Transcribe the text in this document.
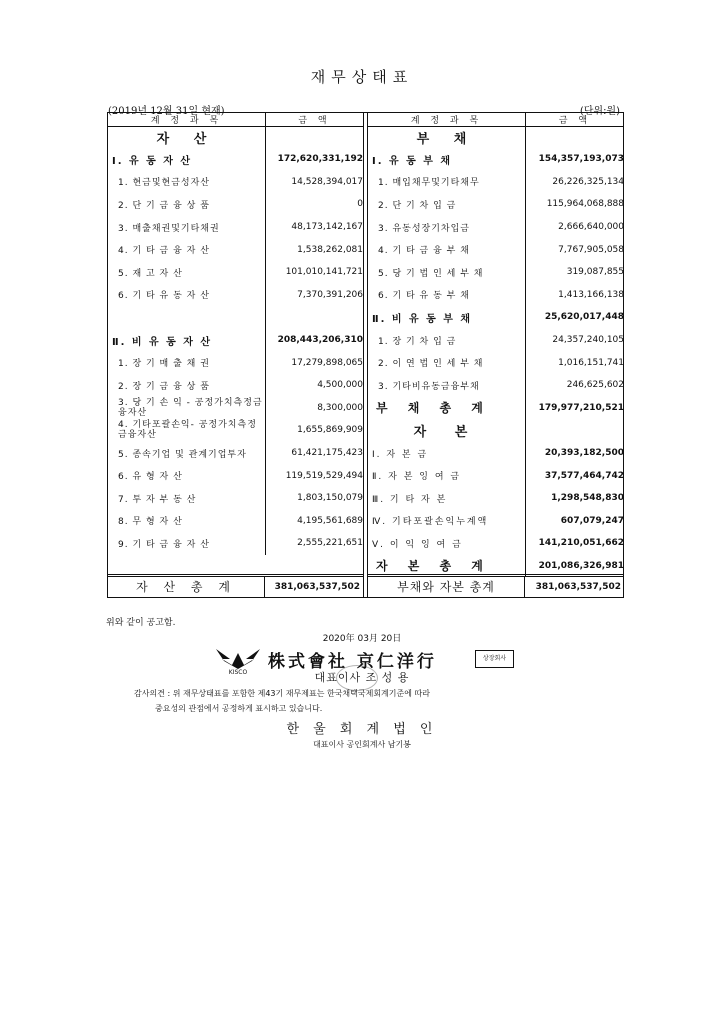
재무상태표
(2019년 12월 31일 현재)	(단위:원)
계 정 과 목	금 액
자 산	
Ⅰ. 유 동 자 산	172,620,331,192
1. 현금및현금성자산	14,528,394,017
2. 단 기 금 융 상 품	0
3. 매출채권및기타채권	48,173,142,167
4. 기 타 금 융 자 산	1,538,262,081
5. 재 고 자 산	101,010,141,721
6. 기 타 유 동 자 산	7,370,391,206

Ⅱ. 비 유 동 자 산	208,443,206,310
1. 장 기 매 출 채 권	17,279,898,065
2. 장 기 금 융 상 품	4,500,000
3. 당 기 손 익 - 공정가치측정금융자산	8,300,000
4. 기타포괄손익- 공정가치측정금융자산	1,655,869,909
5. 종속기업 및 관계기업투자	61,421,175,423
6. 유 형 자 산	119,519,529,494
7. 투 자 부 동 산	1,803,150,079
8. 무 형 자 산	4,195,561,689
9. 기 타 금 융 자 산	2,555,221,651
자 산 총 계	381,063,537,502
계 정 과 목	금 액
부 채	
Ⅰ. 유 동 부 채	154,357,193,073
1. 매입채무및기타채무	26,226,325,134
2. 단 기 차 입 금	115,964,068,888
3. 유동성장기차입금	2,666,640,000
4. 기 타 금 융 부 채	7,767,905,058
5. 당 기 법 인 세 부 채	319,087,855
6. 기 타 유 동 부 채	1,413,166,138
Ⅱ. 비 유 동 부 채	25,620,017,448
1. 장 기 차 입 금	24,357,240,105
2. 이 연 법 인 세 부 채	1,016,151,741
3. 기타비유동금융부채	246,625,602
부 채 총 계	179,977,210,521
자 본	
Ⅰ. 자 본 금	20,393,182,500
Ⅱ. 자 본 잉 여 금	37,577,464,742
Ⅲ. 기 타 자 본	1,298,548,830
Ⅳ. 기타포괄손익누계액	607,079,247
Ⅴ. 이 익 잉 여 금	141,210,051,662
자 본 총 계	201,086,326,981
부채와 자본 총계	381,063,537,502
위와 같이 공고함.
2020年 03月 20日
KISCO
株式會社 京仁洋行	상장회사
대표이사 조 성 용
감사의견 : 위 재무상태표를 포함한 제43기 재무제표는 한국채택국제회계기준에 따라
중요성의 관점에서 공정하게 표시하고 있습니다.
한 울 회 계 법 인
대표이사 공인회계사 남기봉
